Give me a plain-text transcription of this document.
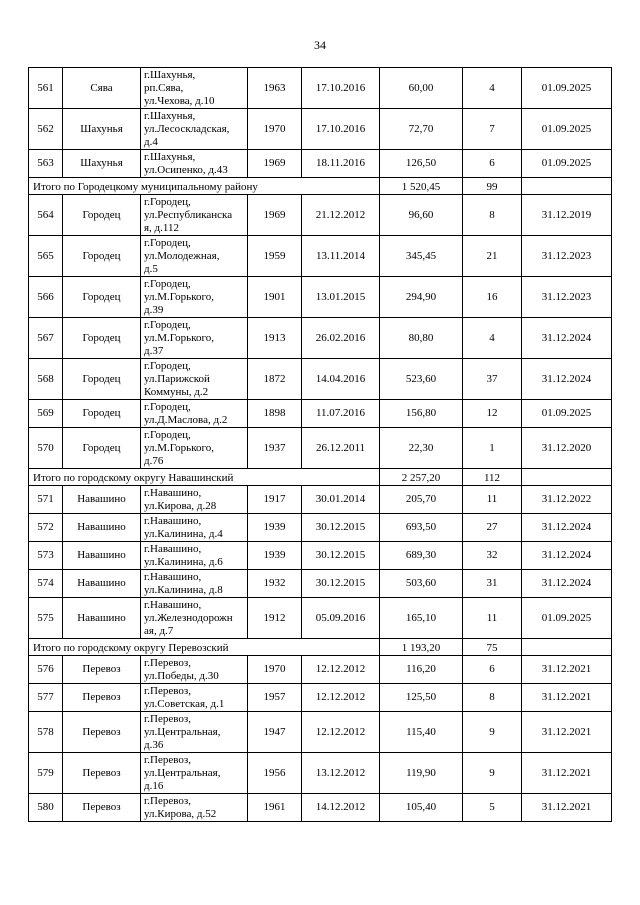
34
561	Сява	г.Шахунья,
рп.Сява,
ул.Чехова, д.10	1963	17.10.2016	60,00	4	01.09.2025
562	Шахунья	г.Шахунья,
ул.Лесоскладская,
д.4	1970	17.10.2016	72,70	7	01.09.2025
563	Шахунья	г.Шахунья,
ул.Осипенко, д.43	1969	18.11.2016	126,50	6	01.09.2025
Итого по Городецкому муниципальному району					1 520,45	99	
564	Городец	г.Городец,
ул.Республиканска
я, д.112	1969	21.12.2012	96,60	8	31.12.2019
565	Городец	г.Городец,
ул.Молодежная,
д.5	1959	13.11.2014	345,45	21	31.12.2023
566	Городец	г.Городец,
ул.М.Горького,
д.39	1901	13.01.2015	294,90	16	31.12.2023
567	Городец	г.Городец,
ул.М.Горького,
д.37	1913	26.02.2016	80,80	4	31.12.2024
568	Городец	г.Городец,
ул.Парижской
Коммуны, д.2	1872	14.04.2016	523,60	37	31.12.2024
569	Городец	г.Городец,
ул.Д.Маслова, д.2	1898	11.07.2016	156,80	12	01.09.2025
570	Городец	г.Городец,
ул.М.Горького,
д.76	1937	26.12.2011	22,30	1	31.12.2020
Итого по городскому округу Навашинский					2 257,20	112	
571	Навашино	г.Навашино,
ул.Кирова, д.28	1917	30.01.2014	205,70	11	31.12.2022
572	Навашино	г.Навашино,
ул.Калинина, д.4	1939	30.12.2015	693,50	27	31.12.2024
573	Навашино	г.Навашино,
ул.Калинина, д.6	1939	30.12.2015	689,30	32	31.12.2024
574	Навашино	г.Навашино,
ул.Калинина, д.8	1932	30.12.2015	503,60	31	31.12.2024
575	Навашино	г.Навашино,
ул.Железнодорожн
ая, д.7	1912	05.09.2016	165,10	11	01.09.2025
Итого по городскому округу Перевозский					1 193,20	75	
576	Перевоз	г.Перевоз,
ул.Победы, д.30	1970	12.12.2012	116,20	6	31.12.2021
577	Перевоз	г.Перевоз,
ул.Советская, д.1	1957	12.12.2012	125,50	8	31.12.2021
578	Перевоз	г.Перевоз,
ул.Центральная,
д.36	1947	12.12.2012	115,40	9	31.12.2021
579	Перевоз	г.Перевоз,
ул.Центральная,
д.16	1956	13.12.2012	119,90	9	31.12.2021
580	Перевоз	г.Перевоз,
ул.Кирова, д.52	1961	14.12.2012	105,40	5	31.12.2021
